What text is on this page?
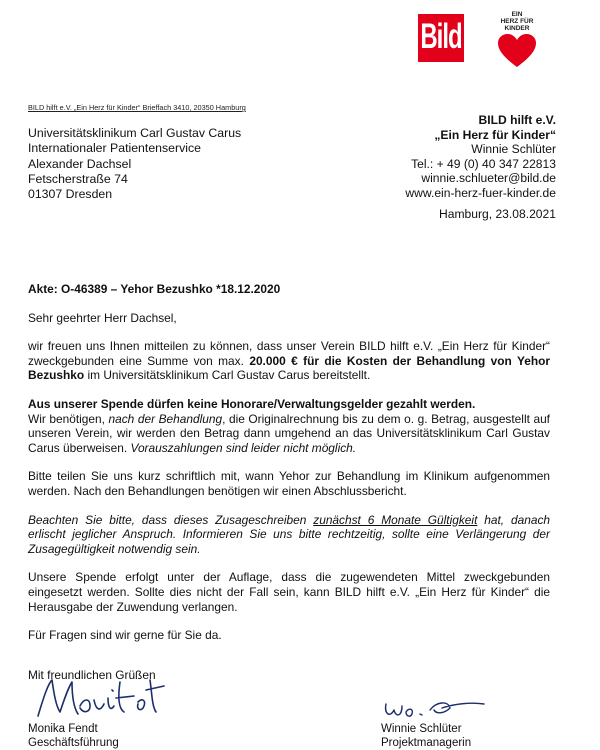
Bild
EIN
HERZ FÜR
KINDER
BILD hilft e.V. „Ein Herz für Kinder“ Brieffach 3410, 20350 Hamburg
Universitätsklinikum Carl Gustav Carus
Internationaler Patientenservice
Alexander Dachsel
Fetscherstraße 74
01307 Dresden
BILD hilft e.V.
„Ein Herz für Kinder“
Winnie Schlüter
Tel.: + 49 (0) 40 347 22813
winnie.schlueter@bild.de
www.ein-herz-fuer-kinder.de
Hamburg, 23.08.2021

Akte: O-46389 – Yehor Bezushko *18.12.2020

Sehr geehrter Herr Dachsel,

wir freuen uns Ihnen mitteilen zu können, dass unser Verein BILD hilft e.V. „Ein Herz für Kinder“ zweckgebunden eine Summe von max. 20.000 € für die Kosten der Behandlung von Yehor Bezushko im Universitätsklinikum Carl Gustav Carus bereitstellt.

Aus unserer Spende dürfen keine Honorare/Verwaltungsgelder gezahlt werden.

Wir benötigen, nach der Behandlung, die Originalrechnung bis zu dem o. g. Betrag, ausgestellt auf unseren Verein, wir werden den Betrag dann umgehend an das Universitätsklinikum Carl Gustav Carus überweisen. Vorauszahlungen sind leider nicht möglich.

Bitte teilen Sie uns kurz schriftlich mit, wann Yehor zur Behandlung im Klinikum aufgenommen werden. Nach den Behandlungen benötigen wir einen Abschlussbericht.

Beachten Sie bitte, dass dieses Zusageschreiben zunächst 6 Monate Gültigkeit hat, danach erlischt jeglicher Anspruch. Informieren Sie uns bitte rechtzeitig, sollte eine Verlängerung der Zusagegültigkeit notwendig sein.

Unsere Spende erfolgt unter der Auflage, dass die zugewendeten Mittel zweckgebunden eingesetzt werden. Sollte dies nicht der Fall sein, kann BILD hilft e.V. „Ein Herz für Kinder“ die Herausgabe der Zuwendung verlangen.

Für Fragen sind wir gerne für Sie da.

Mit freundlichen Grüßen
Monika Fendt
Geschäftsführung
Winnie Schlüter
Projektmanagerin
